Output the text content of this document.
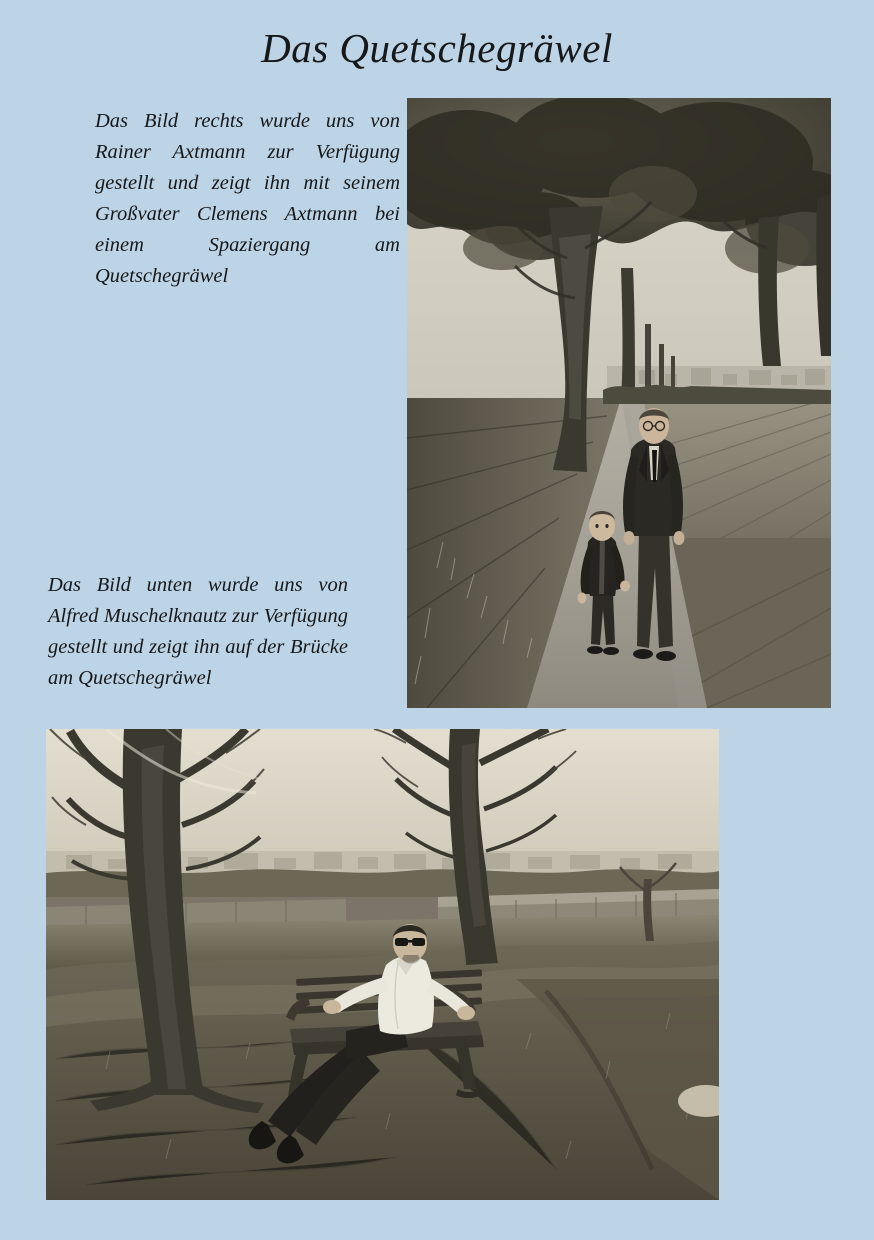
Das Quetschegräwel
Das Bild rechts wurde uns von Rainer Axtmann zur Verfügung gestellt und zeigt ihn mit seinem Großvater Clemens Axtmann bei einem Spaziergang am Quetschegräwel
Das Bild unten wurde uns von Alfred Muschelknautz zur Verfügung gestellt und zeigt ihn auf der Brücke am Quetschegräwel
